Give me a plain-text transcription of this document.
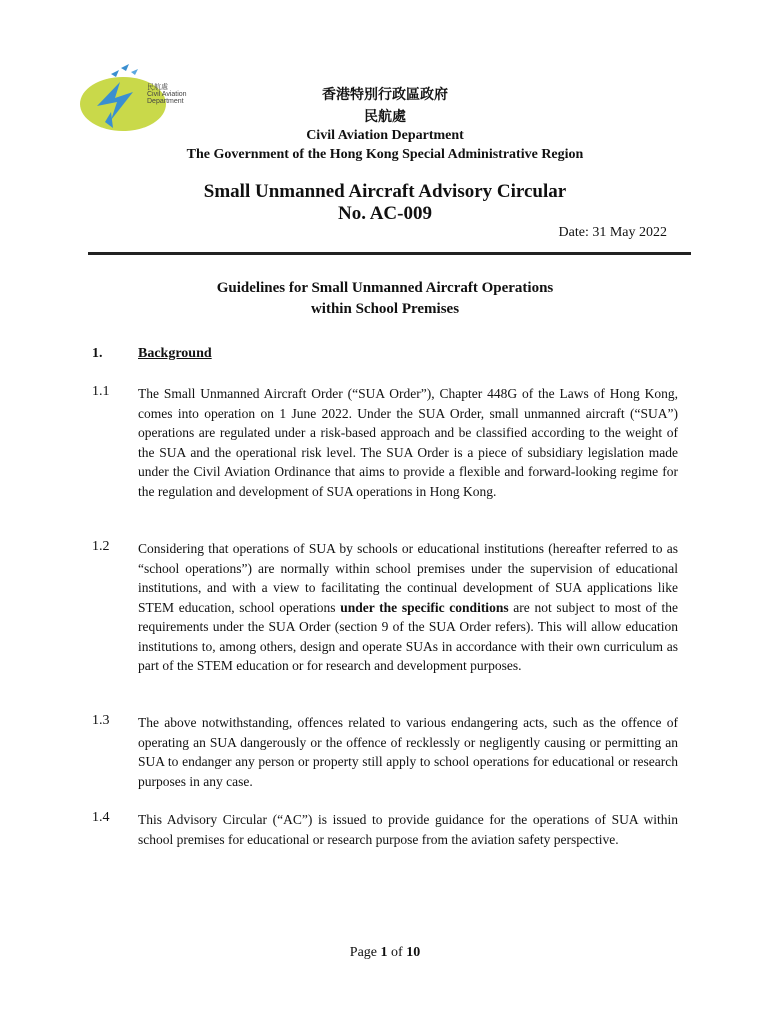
民航處
Civil Aviation
Department	香港特別行政區政府
民航處
Civil Aviation Department
The Government of the Hong Kong Special Administrative Region
Small Unmanned Aircraft Advisory Circular
No. AC-009
Date: 31 May 2022
Guidelines for Small Unmanned Aircraft Operations
within School Premises
1.	Background
1.1 The Small Unmanned Aircraft Order (“SUA Order”), Chapter 448G of the Laws of Hong Kong, comes into operation on 1 June 2022. Under the SUA Order, small unmanned aircraft (“SUA”) operations are regulated under a risk-based approach and be classified according to the weight of the SUA and the operational risk level. The SUA Order is a piece of subsidiary legislation made under the Civil Aviation Ordinance that aims to provide a flexible and forward-looking regime for the regulation and development of SUA operations in Hong Kong.
1.2 Considering that operations of SUA by schools or educational institutions (hereafter referred to as “school operations”) are normally within school premises under the supervision of educational institutions, and with a view to facilitating the continual development of SUA applications like STEM education, school operations under the specific conditions are not subject to most of the requirements under the SUA Order (section 9 of the SUA Order refers). This will allow education institutions to, among others, design and operate SUAs in accordance with their own curriculum as part of the STEM education or for research and development purposes.
1.3 The above notwithstanding, offences related to various endangering acts, such as the offence of operating an SUA dangerously or the offence of recklessly or negligently causing or permitting an SUA to endanger any person or property still apply to school operations for educational or research purposes in any case.
1.4 This Advisory Circular (“AC”) is issued to provide guidance for the operations of SUA within school premises for educational or research purpose from the aviation safety perspective.
Page 1 of 10
